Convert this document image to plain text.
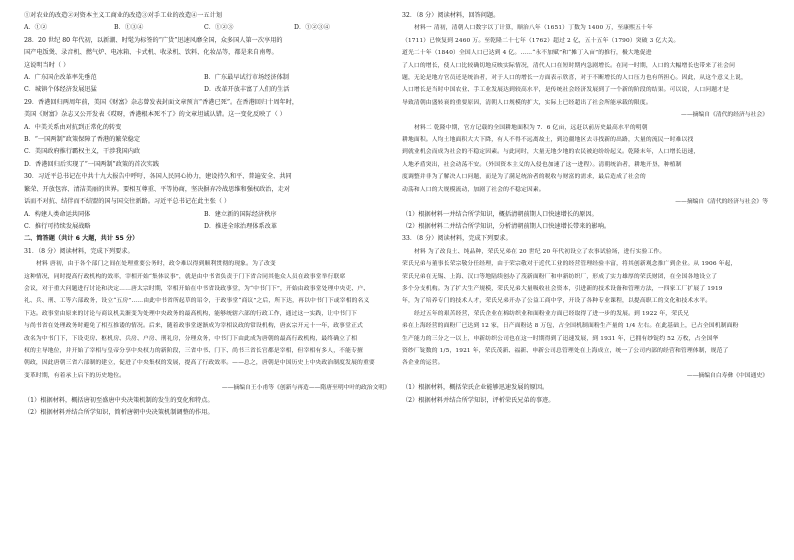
①对农业的改造②对资本主义工商业的改造③对手工业的改造④一五计划
A．①②	B．①③④	C．①②③	D．①②③④
28．20 世纪 80 年代初，以新潮、时髦为标签的“广货”迅速风靡全国，众多国人第一次享用的
国产电饭煲、录音机、燃气炉、电冰箱、卡式机、收录机、饮料、化妆品等，都是来自南粤。
这说明当时（ ）
A．广东国企改革率先垂范	B．广东最早试行市场经济体制
C．城镇个体经济发展迅猛	D．改革开放丰富了人们的生活
29．香港回归两周年前，美国《财富》杂志曾发表封面文章预言“香港已死”。在香港回归十周年时，
美国《财富》杂志又公开发表《哎呀，香港根本死不了》的文章坦诚认错。这一变化反映了（ ）
A．中美关系由对抗到正常化的转变
B．“一国两制”政策保障了香港的繁荣稳定
C．美国政府推行霸权主义，干涉我国内政
D．香港回归后实现了“一国两制”政策的首次实践
30．习近平总书记在中共十九大报告中呼吁，各国人民同心协力，建设持久和平、普遍安全、共同
繁荣、开放包容、清洁美丽的世界。要相互尊重、平等协商，坚决摒弃冷战思维和强权政治，走对
话而不对抗、结伴而不结盟的国与国交往新路。习近平总书记在此主张（ ）
A．构建人类命运共同体	B．建立新的国际经济秩序
C．推行可持续发展战略	D．推进全球治理体系改革
二、简答题（共计 6 大题，共计 55 分）
31．（8 分）阅读材料，完成下列要求。
材料 唐初，由于各个部门之间在处理重要公务时，政令难以得到顺利贯彻的现象。为了改变
这种情况，同时提高行政机构的效率，宰相开始“集体议事”，就是由中书省负责于门下省合同其他众人员在政事堂举行联席
会议，对于重大问题进行讨论和决定……唐太宗时期，宰相开始在中书省设政事堂，为“中书门下”，开始由政事堂处理中央吏、户、
礼、兵、刑、工等六部政务，设立“五房”……由此中书省所起草的诏令，于政事堂“商议”之后，所下达，再以中书门下或宰相的名义
下达。政事堂由原来的讨论与商议机关渐变为处理中央政务的最高机构，能够统辖六部的行政工作，通过这一实践，让中书门下
与尚书省在处理政务时避免了相互推诿的情况。后来，随着政事堂逐渐成为宰相议政的常设机构，唐玄宗开元十一年，政事堂正式
改名为中书门下，下设吏房、枢机房、兵房、户房、刑礼房，分理众务，中书门下由此成为唐朝的最高行政机构，最终确立了相
权的主导地位，并开始了宰相与皇帝分享中央权力的新阶段，三省中书、门下、尚书三省长官都是宰相，但宰相有多人，不能专擅
朝政，因此唐朝三省六部制的建立，促进了中央集权的发展，提高了行政效率。——总之，唐朝是中国历史上中央政治制度发展的重要
变革时期，有着承上启下的历史地位。
——摘编自王小甫等《创新与再造——隋唐至明中叶的政治文明》
（1）根据材料，概括唐初至盛唐中央决策机制的发生的变化和特点。
（2）根据材料并结合所学知识，简析唐朝中央决策机制调整的作用。
32．（8 分）阅读材料，回答问题。
材料一 清初，清朝人口数字以丁计算，顺治八年（1651）丁数为 1400 万，至康熙五十年
（1711）已恢复到 2460 万。至乾隆二十七年（1762）超过 2 亿，五十五年（1790）突破 3 亿大关。
道光二十年（1840）全国人口已达到 4 亿。……“永不加赋”和“摊丁入亩”的推行，极大地促进
了人口的增长，使人口比较确切地反映实际情况，清代人口在短时期内急剧增长。在同一时期，人口的大幅增长也带来了社会问
题，无论是地方官员还是统治者，对于人口的增长一方面表示欣喜，对于不断增长的人口压力也有所担心。因此，从这个意义上说，
人口增长是当时中国农业、手工业发展达到较高水平，是传统社会经济发展到了一个新的阶段的结果。可以说，人口问题才是
导致清朝由盛转衰的重要原因，清朝人口规模的扩大，实际上已经超出了社会所能承载的限度。
——摘编自《清代的经济与社会》
材料二 乾隆中期，官方记载的全国耕地面积为 7．6 亿亩，远赶以前历史最高水平的明朝
耕地面积。人均土地面积大大下降，有人不得不远离故土，到边疆地区去寻找新的出路，大量的流民一时难以找
到就业机会而成为社会的不稳定因素。与此同时，大量无地少地的农民被迫纷纷起义。乾隆末年，人口增长迅速，
人地矛盾突出，社会动荡不安。（外国资本主义的入侵也加速了这一进程）。清朝统治者，耕地开垦，种植制
度调整并非为了解决人口问题，而是为了满足统治者的税收与财富的需求，最后造成了社会的
动荡和人口的大规模流动，加剧了社会的不稳定因素。
——摘编自《清代的经济与社会》等
（1）根据材料一并结合所学知识，概括清朝前期人口快速增长的原因。
（2）根据材料二并结合所学知识，分析清朝前期人口快速增长带来的影响。
33．（8 分）阅读材料，完成下列要求。
材料 为了改良土、纯品种，荣氏兄弟在 20 世纪 20 年代初设立了农事试验场，进行实验工作。
荣氏兄弟与董事长荣宗敬分任经理，由于荣宗敬对于近代工业的经营管理经验丰富，将其创新观念推广到企业。从 1906 年起，
荣氏兄弟在无锡、上海、汉口等地陆续创办了茂新面粉厂和申新纺织厂，形成了实力雄厚的荣氏财团，在全国各地设立了
多个分支机构。为了扩大生产规模，荣氏兄弟大量吸收社会资本，引进新的技术设备和管理方法，一四家工厂扩展了 1919
年，为了培养专门的技术人才，荣氏兄弟开办了公益工商中学，开设了各种专业课程，以提高职工的文化和技术水平。
经过五年的艰苦经营，荣氏企业在棉纺织业和面粉业方面已经取得了进一步的发展。到 1922 年，荣氏兄
弟在上海经营的面粉厂已达到 12 家，日产面粉达 8 万包，占全国机制面粉生产量的 1/4 左右。在此基础上，已占全国机制面粉
生产能力的三分之一以上，申新纺织公司也在这一时期得到了迅速发展，到 1931 年，已拥有纱锭约 52 万枚，占全国华
资纱厂锭数的 1/5，1921 年，荣氏茂新、福新、申新公司总管理处在上海成立，统一了公司内部的经营和管理体制，规范了
各企业的运营。
——摘编自白寿彝《中国通史》
（1）根据材料，概括荣氏企业能够迅速发展的原因。
（2）根据材料并结合所学知识，评析荣氏兄弟的事迹。
